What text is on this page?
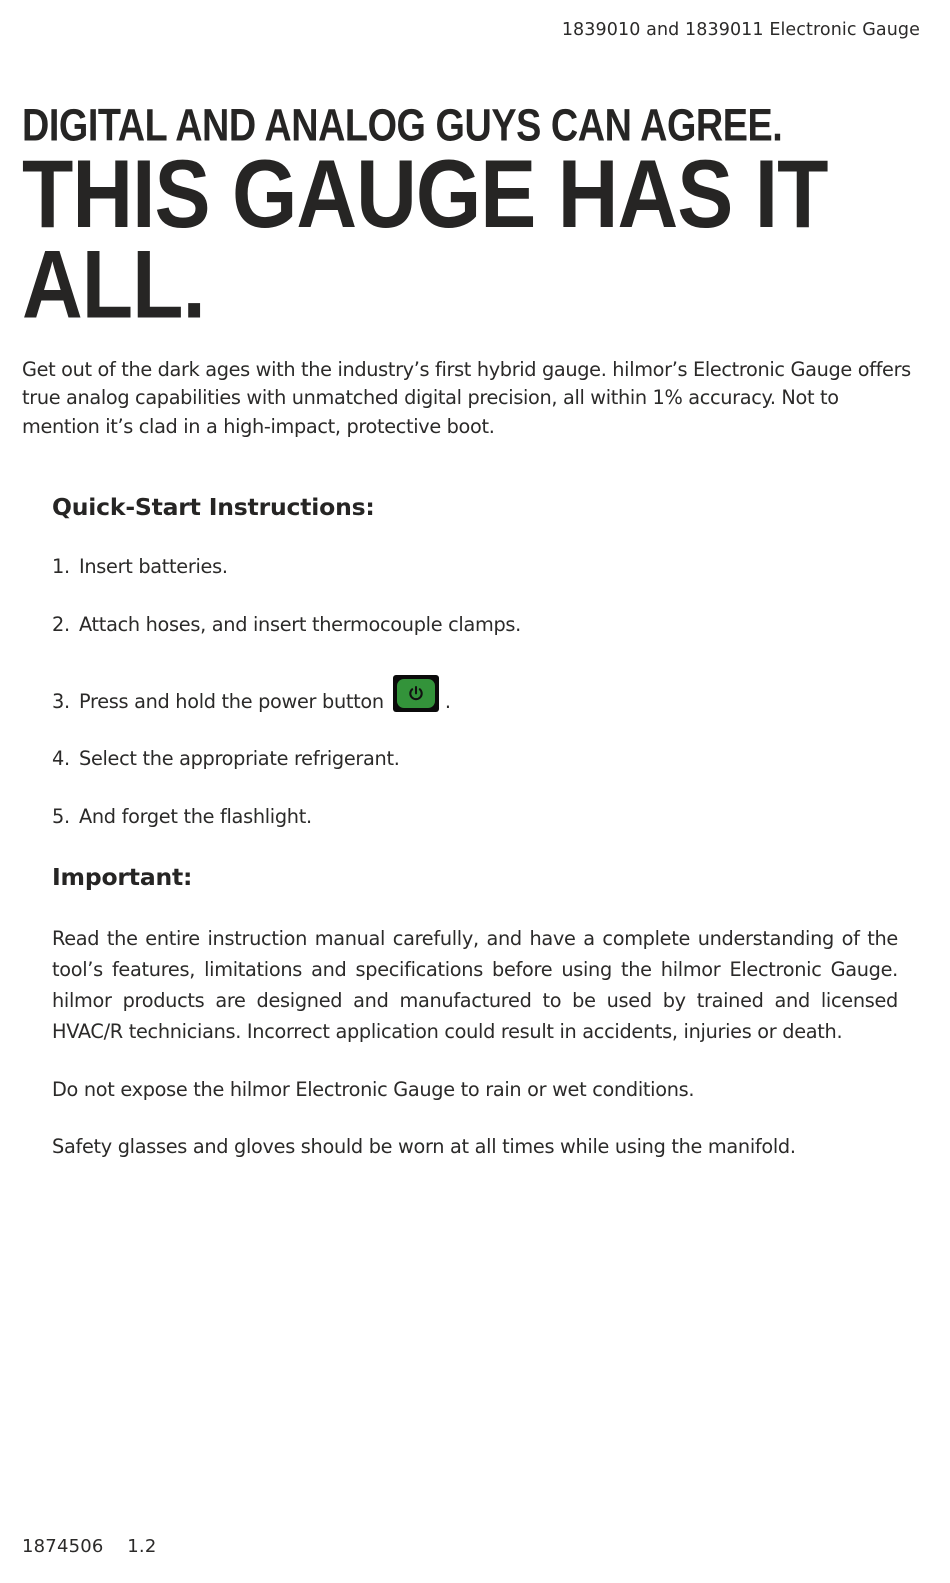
1839010 and 1839011 Electronic Gauge
DIGITAL AND ANALOG GUYS CAN AGREE.
THIS GAUGE HAS IT ALL.

Get out of the dark ages with the industry’s first hybrid gauge. hilmor’s Electronic Gauge offers true analog capabilities with unmatched digital precision, all within 1% accuracy. Not to mention it’s clad in a high-impact, protective boot.

Quick-Start Instructions:
1. Insert batteries.
2. Attach hoses, and insert thermocouple clamps.
3. Press and hold the power button	.
4. Select the appropriate refrigerant.
5. And forget the flashlight.
Important:

Read the entire instruction manual carefully, and have a complete understanding of the tool’s features, limitations and specifications before using the hilmor Electronic Gauge. hilmor products are designed and manufactured to be used by trained and licensed HVAC/R technicians. Incorrect application could result in accidents, injuries or death.

Do not expose the hilmor Electronic Gauge to rain or wet conditions.

Safety glasses and gloves should be worn at all times while using the manifold.

1874506    1.2
